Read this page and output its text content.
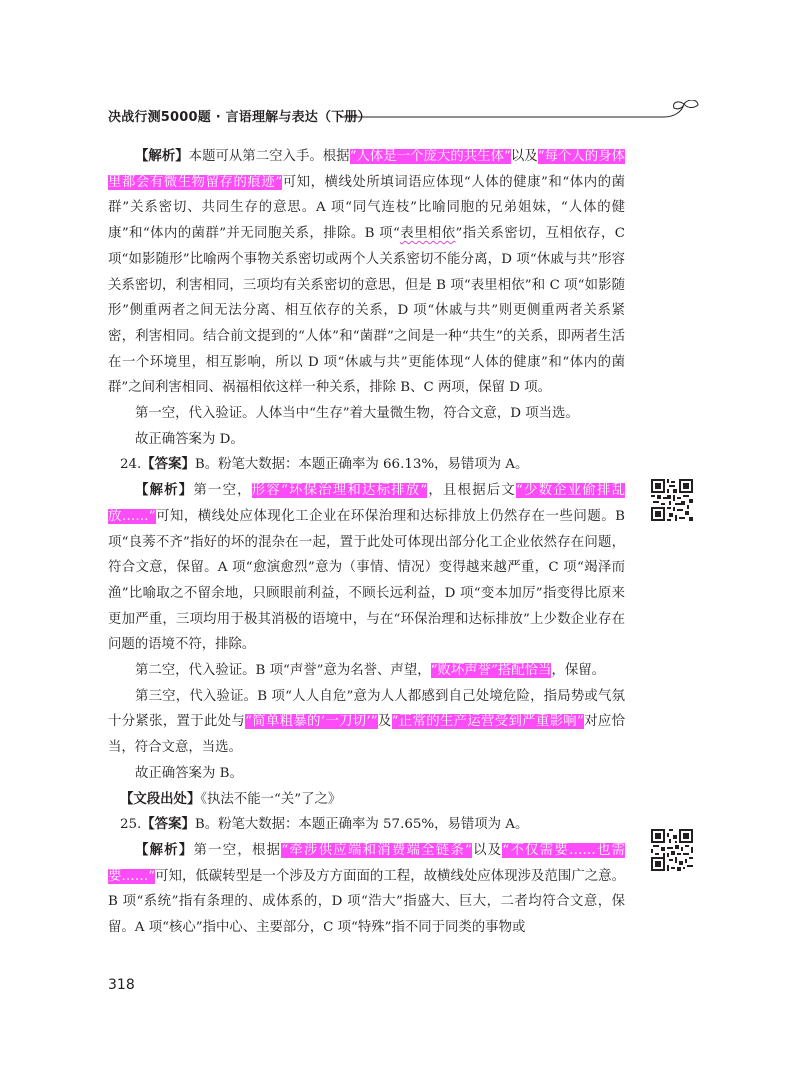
决战行测5000题 · 言语理解与表达（下册）

【解析】本题可从第二空入手。根据“人体是一个庞大的共生体”以及“每个人的身体里都会有微生物留存的痕迹”可知，横线处所填词语应体现“人体的健康”和“体内的菌群”关系密切、共同生存的意思。A 项“同气连枝”比喻同胞的兄弟姐妹，“人体的健康”和“体内的菌群”并无同胞关系，排除。B 项“表里相依”指关系密切，互相依存，C 项“如影随形”比喻两个事物关系密切或两个人关系密切不能分离，D 项“休戚与共”形容关系密切，利害相同，三项均有关系密切的意思，但是 B 项“表里相依”和 C 项“如影随形”侧重两者之间无法分离、相互依存的关系，D 项“休戚与共”则更侧重两者关系紧密，利害相同。结合前文提到的“人体”和“菌群”之间是一种“共生”的关系，即两者生活在一个环境里，相互影响，所以 D 项“休戚与共”更能体现“人体的健康”和“体内的菌群”之间利害相同、祸福相依这样一种关系，排除 B、C 两项，保留 D 项。

第一空，代入验证。人体当中“生存”着大量微生物，符合文意，D 项当选。

故正确答案为 D。

24.【答案】B。粉笔大数据：本题正确率为 66.13%，易错项为 A。

【解析】第一空，形容“环保治理和达标排放”，且根据后文“少数企业偷排乱放……”可知，横线处应体现化工企业在环保治理和达标排放上仍然存在一些问题。B 项“良莠不齐”指好的坏的混杂在一起，置于此处可体现出部分化工企业依然存在问题，符合文意，保留。A 项“愈演愈烈”意为（事情、情况）变得越来越严重，C 项“竭泽而渔”比喻取之不留余地，只顾眼前利益，不顾长远利益，D 项“变本加厉”指变得比原来更加严重，三项均用于极其消极的语境中，与在“环保治理和达标排放”上少数企业存在问题的语境不符，排除。

第二空，代入验证。B 项“声誉”意为名誉、声望，“败坏声誉”搭配恰当，保留。

第三空，代入验证。B 项“人人自危”意为人人都感到自己处境危险，指局势或气氛十分紧张，置于此处与“简单粗暴的‘一刀切’”及“正常的生产运营受到严重影响”对应恰当，符合文意，当选。

故正确答案为 B。

【文段出处】《执法不能一“关”了之》

25.【答案】B。粉笔大数据：本题正确率为 57.65%，易错项为 A。

【解析】第一空，根据“牵涉供应端和消费端全链条”以及“不仅需要……也需要……”可知，低碳转型是一个涉及方方面面的工程，故横线处应体现涉及范围广之意。B 项“系统”指有条理的、成体系的，D 项“浩大”指盛大、巨大，二者均符合文意，保留。A 项“核心”指中心、主要部分，C 项“特殊”指不同于同类的事物或

318
